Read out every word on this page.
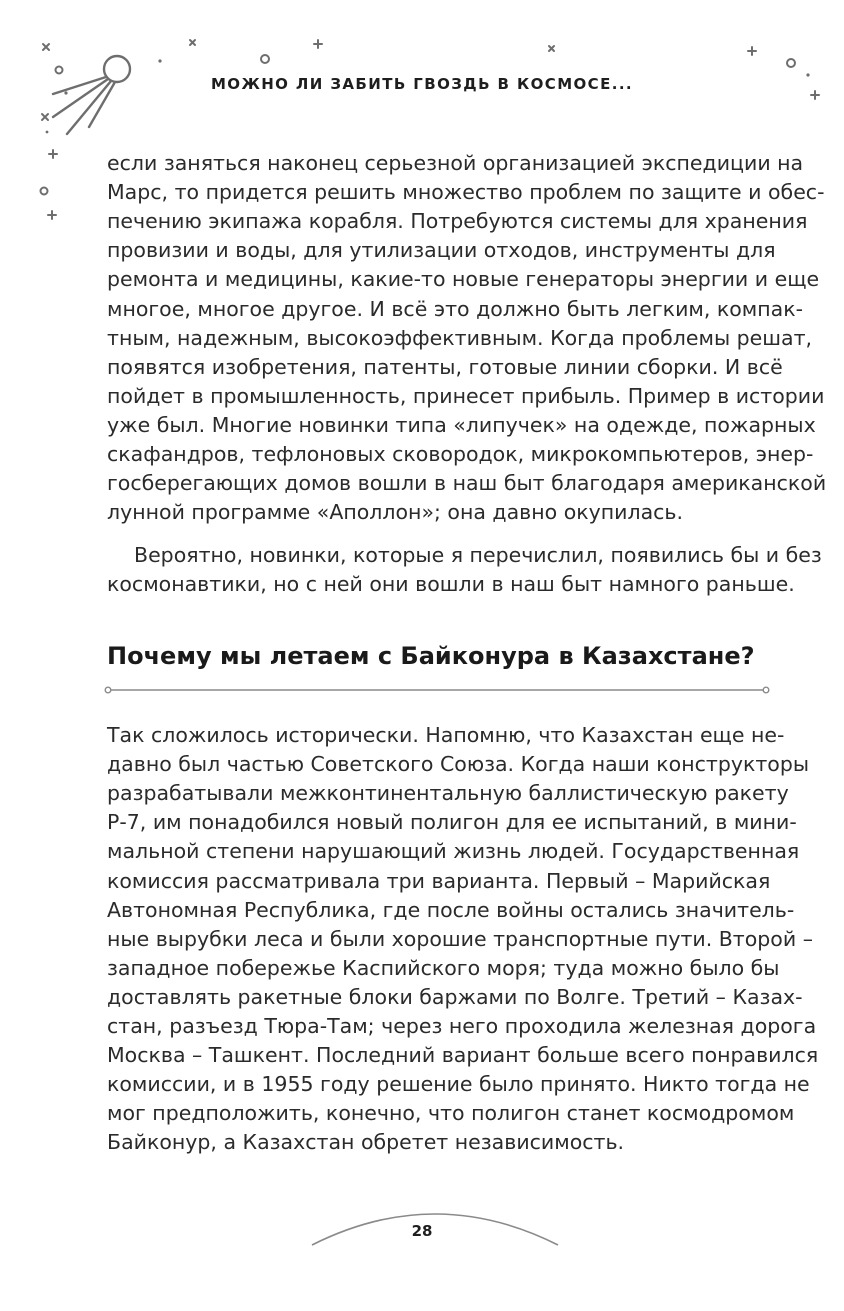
МОЖНО ЛИ ЗАБИТЬ ГВОЗДЬ В КОСМОСЕ...
если заняться наконец серьезной организацией экспедиции на
Марс, то придется решить множество проблем по защите и обес-
печению экипажа корабля. Потребуются системы для хранения
провизии и воды, для утилизации отходов, инструменты для
ремонта и медицины, какие-то новые генераторы энергии и еще
многое, многое другое. И всё это должно быть легким, компак-
тным, надежным, высокоэффективным. Когда проблемы решат,
появятся изобретения, патенты, готовые линии сборки. И всё
пойдет в промышленность, принесет прибыль. Пример в истории
уже был. Многие новинки типа «липучек» на одежде, пожарных
скафандров, тефлоновых сковородок, микрокомпьютеров, энер-
госберегающих домов вошли в наш быт благодаря американской
лунной программе «Аполлон»; она давно окупилась.
Вероятно, новинки, которые я перечислил, появились бы и без
космонавтики, но с ней они вошли в наш быт намного раньше.
Почему мы летаем с Байконура в Казахстане?
Так сложилось исторически. Напомню, что Казахстан еще не-
давно был частью Советского Союза. Когда наши конструкторы
разрабатывали межконтинентальную баллистическую ракету
Р-7, им понадобился новый полигон для ее испытаний, в мини-
мальной степени нарушающий жизнь людей. Государственная
комиссия рассматривала три варианта. Первый – Марийская
Автономная Республика, где после войны остались значитель-
ные вырубки леса и были хорошие транспортные пути. Второй –
западное побережье Каспийского моря; туда можно было бы
доставлять ракетные блоки баржами по Волге. Третий – Казах-
стан, разъезд Тюра-Там; через него проходила железная дорога
Москва – Ташкент. Последний вариант больше всего понравился
комиссии, и в 1955 году решение было принято. Никто тогда не
мог предположить, конечно, что полигон станет космодромом
Байконур, а Казахстан обретет независимость.
28
